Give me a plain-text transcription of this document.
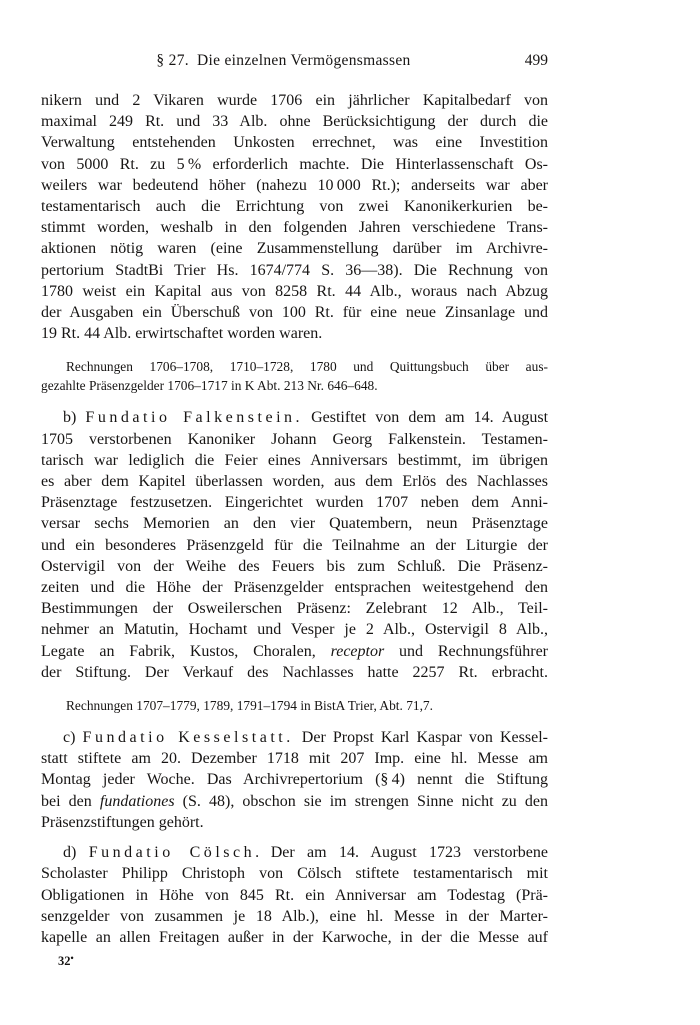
§ 27. Die einzelnen Vermögensmassen	499
nikern und 2 Vikaren wurde 1706 ein jährlicher Kapitalbedarf von
maximal 249 Rt. und 33 Alb. ohne Berücksichtigung der durch die
Verwaltung entstehenden Unkosten errechnet, was eine Investition
von 5000 Rt. zu 5 % erforderlich machte. Die Hinterlassenschaft Os-
weilers war bedeutend höher (nahezu 10 000 Rt.); anderseits war aber
testamentarisch auch die Errichtung von zwei Kanonikerkurien be-
stimmt worden, weshalb in den folgenden Jahren verschiedene Trans-
aktionen nötig waren (eine Zusammenstellung darüber im Archivre-
pertorium StadtBi Trier Hs. 1674/774 S. 36—38). Die Rechnung von
1780 weist ein Kapital aus von 8258 Rt. 44 Alb., woraus nach Abzug
der Ausgaben ein Überschuß von 100 Rt. für eine neue Zinsanlage und
19 Rt. 44 Alb. erwirtschaftet worden waren.
Rechnungen 1706–1708, 1710–1728, 1780 und Quittungsbuch über aus-
gezahlte Präsenzgelder 1706–1717 in K Abt. 213 Nr. 646–648.
b) Fundatio Falkenstein. Gestiftet von dem am 14. August
1705 verstorbenen Kanoniker Johann Georg Falkenstein. Testamen-
tarisch war lediglich die Feier eines Anniversars bestimmt, im übrigen
es aber dem Kapitel überlassen worden, aus dem Erlös des Nachlasses
Präsenztage festzusetzen. Eingerichtet wurden 1707 neben dem Anni-
versar sechs Memorien an den vier Quatembern, neun Präsenztage
und ein besonderes Präsenzgeld für die Teilnahme an der Liturgie der
Ostervigil von der Weihe des Feuers bis zum Schluß. Die Präsenz-
zeiten und die Höhe der Präsenzgelder entsprachen weitestgehend den
Bestimmungen der Osweilerschen Präsenz: Zelebrant 12 Alb., Teil-
nehmer an Matutin, Hochamt und Vesper je 2 Alb., Ostervigil 8 Alb.,
Legate an Fabrik, Kustos, Choralen, receptor und Rechnungsführer
der Stiftung. Der Verkauf des Nachlasses hatte 2257 Rt. erbracht.
Rechnungen 1707–1779, 1789, 1791–1794 in BistA Trier, Abt. 71,7.
c) Fundatio Kesselstatt. Der Propst Karl Kaspar von Kessel-
statt stiftete am 20. Dezember 1718 mit 207 Imp. eine hl. Messe am
Montag jeder Woche. Das Archivrepertorium (§ 4) nennt die Stiftung
bei den fundationes (S. 48), obschon sie im strengen Sinne nicht zu den
Präsenzstiftungen gehört.
d) Fundatio Cölsch. Der am 14. August 1723 verstorbene
Scholaster Philipp Christoph von Cölsch stiftete testamentarisch mit
Obligationen in Höhe von 845 Rt. ein Anniversar am Todestag (Prä-
senzgelder von zusammen je 18 Alb.), eine hl. Messe in der Marter-
kapelle an allen Freitagen außer in der Karwoche, in der die Messe auf
32•
